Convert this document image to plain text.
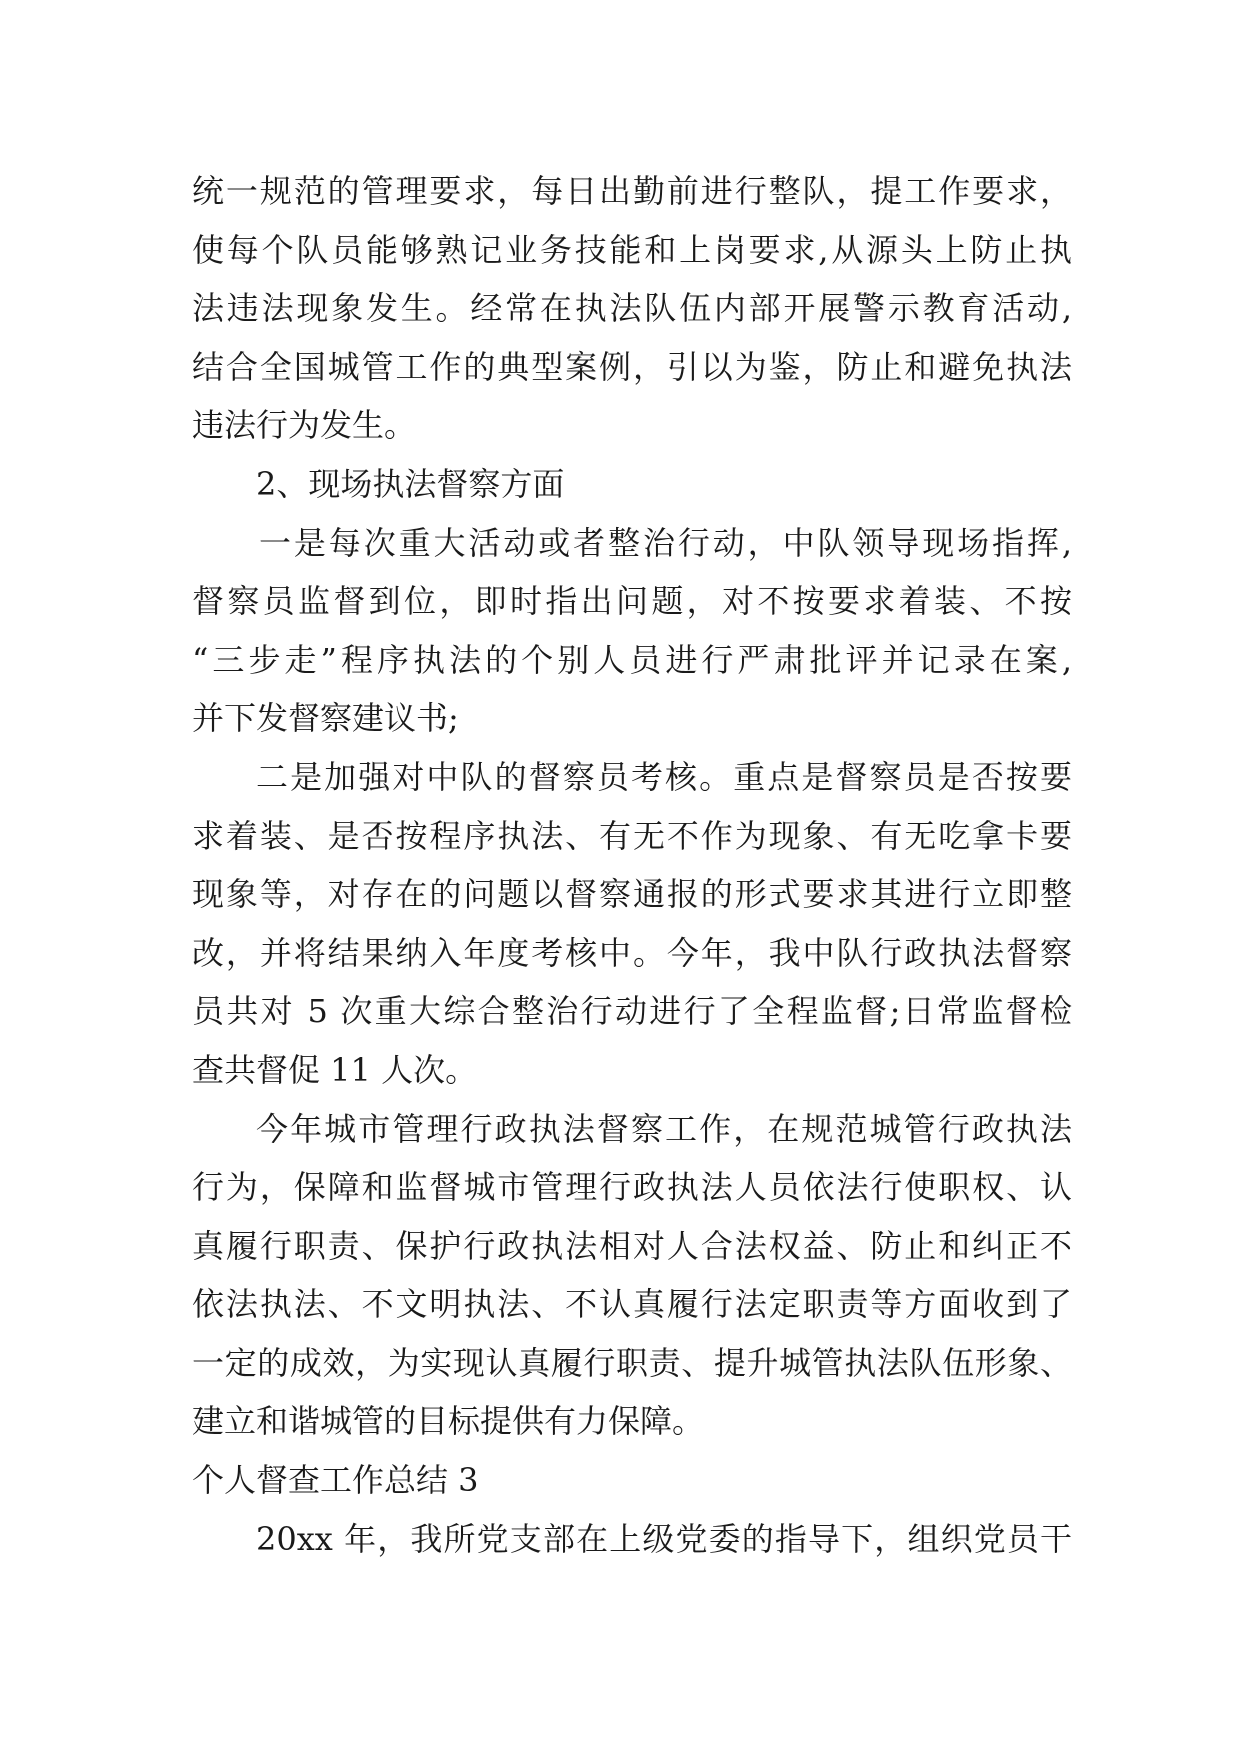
统一规范的管理要求，每日出勤前进行整队，提工作要求，
使每个队员能够熟记业务技能和上岗要求,从源头上防止执
法违法现象发生。经常在执法队伍内部开展警示教育活动,
结合全国城管工作的典型案例，引以为鉴，防止和避免执法
违法行为发生。
2、现场执法督察方面
一是每次重大活动或者整治行动，中队领导现场指挥,
督察员监督到位，即时指出问题，对不按要求着装、不按
“三步走”程序执法的个别人员进行严肃批评并记录在案,
并下发督察建议书;
二是加强对中队的督察员考核。重点是督察员是否按要
求着装、是否按程序执法、有无不作为现象、有无吃拿卡要
现象等，对存在的问题以督察通报的形式要求其进行立即整
改，并将结果纳入年度考核中。今年，我中队行政执法督察
员共对 5 次重大综合整治行动进行了全程监督;日常监督检
查共督促 11 人次。
今年城市管理行政执法督察工作，在规范城管行政执法
行为，保障和监督城市管理行政执法人员依法行使职权、认
真履行职责、保护行政执法相对人合法权益、防止和纠正不
依法执法、不文明执法、不认真履行法定职责等方面收到了
一定的成效，为实现认真履行职责、提升城管执法队伍形象、
建立和谐城管的目标提供有力保障。
个人督查工作总结 3
20xx 年，我所党支部在上级党委的指导下，组织党员干
